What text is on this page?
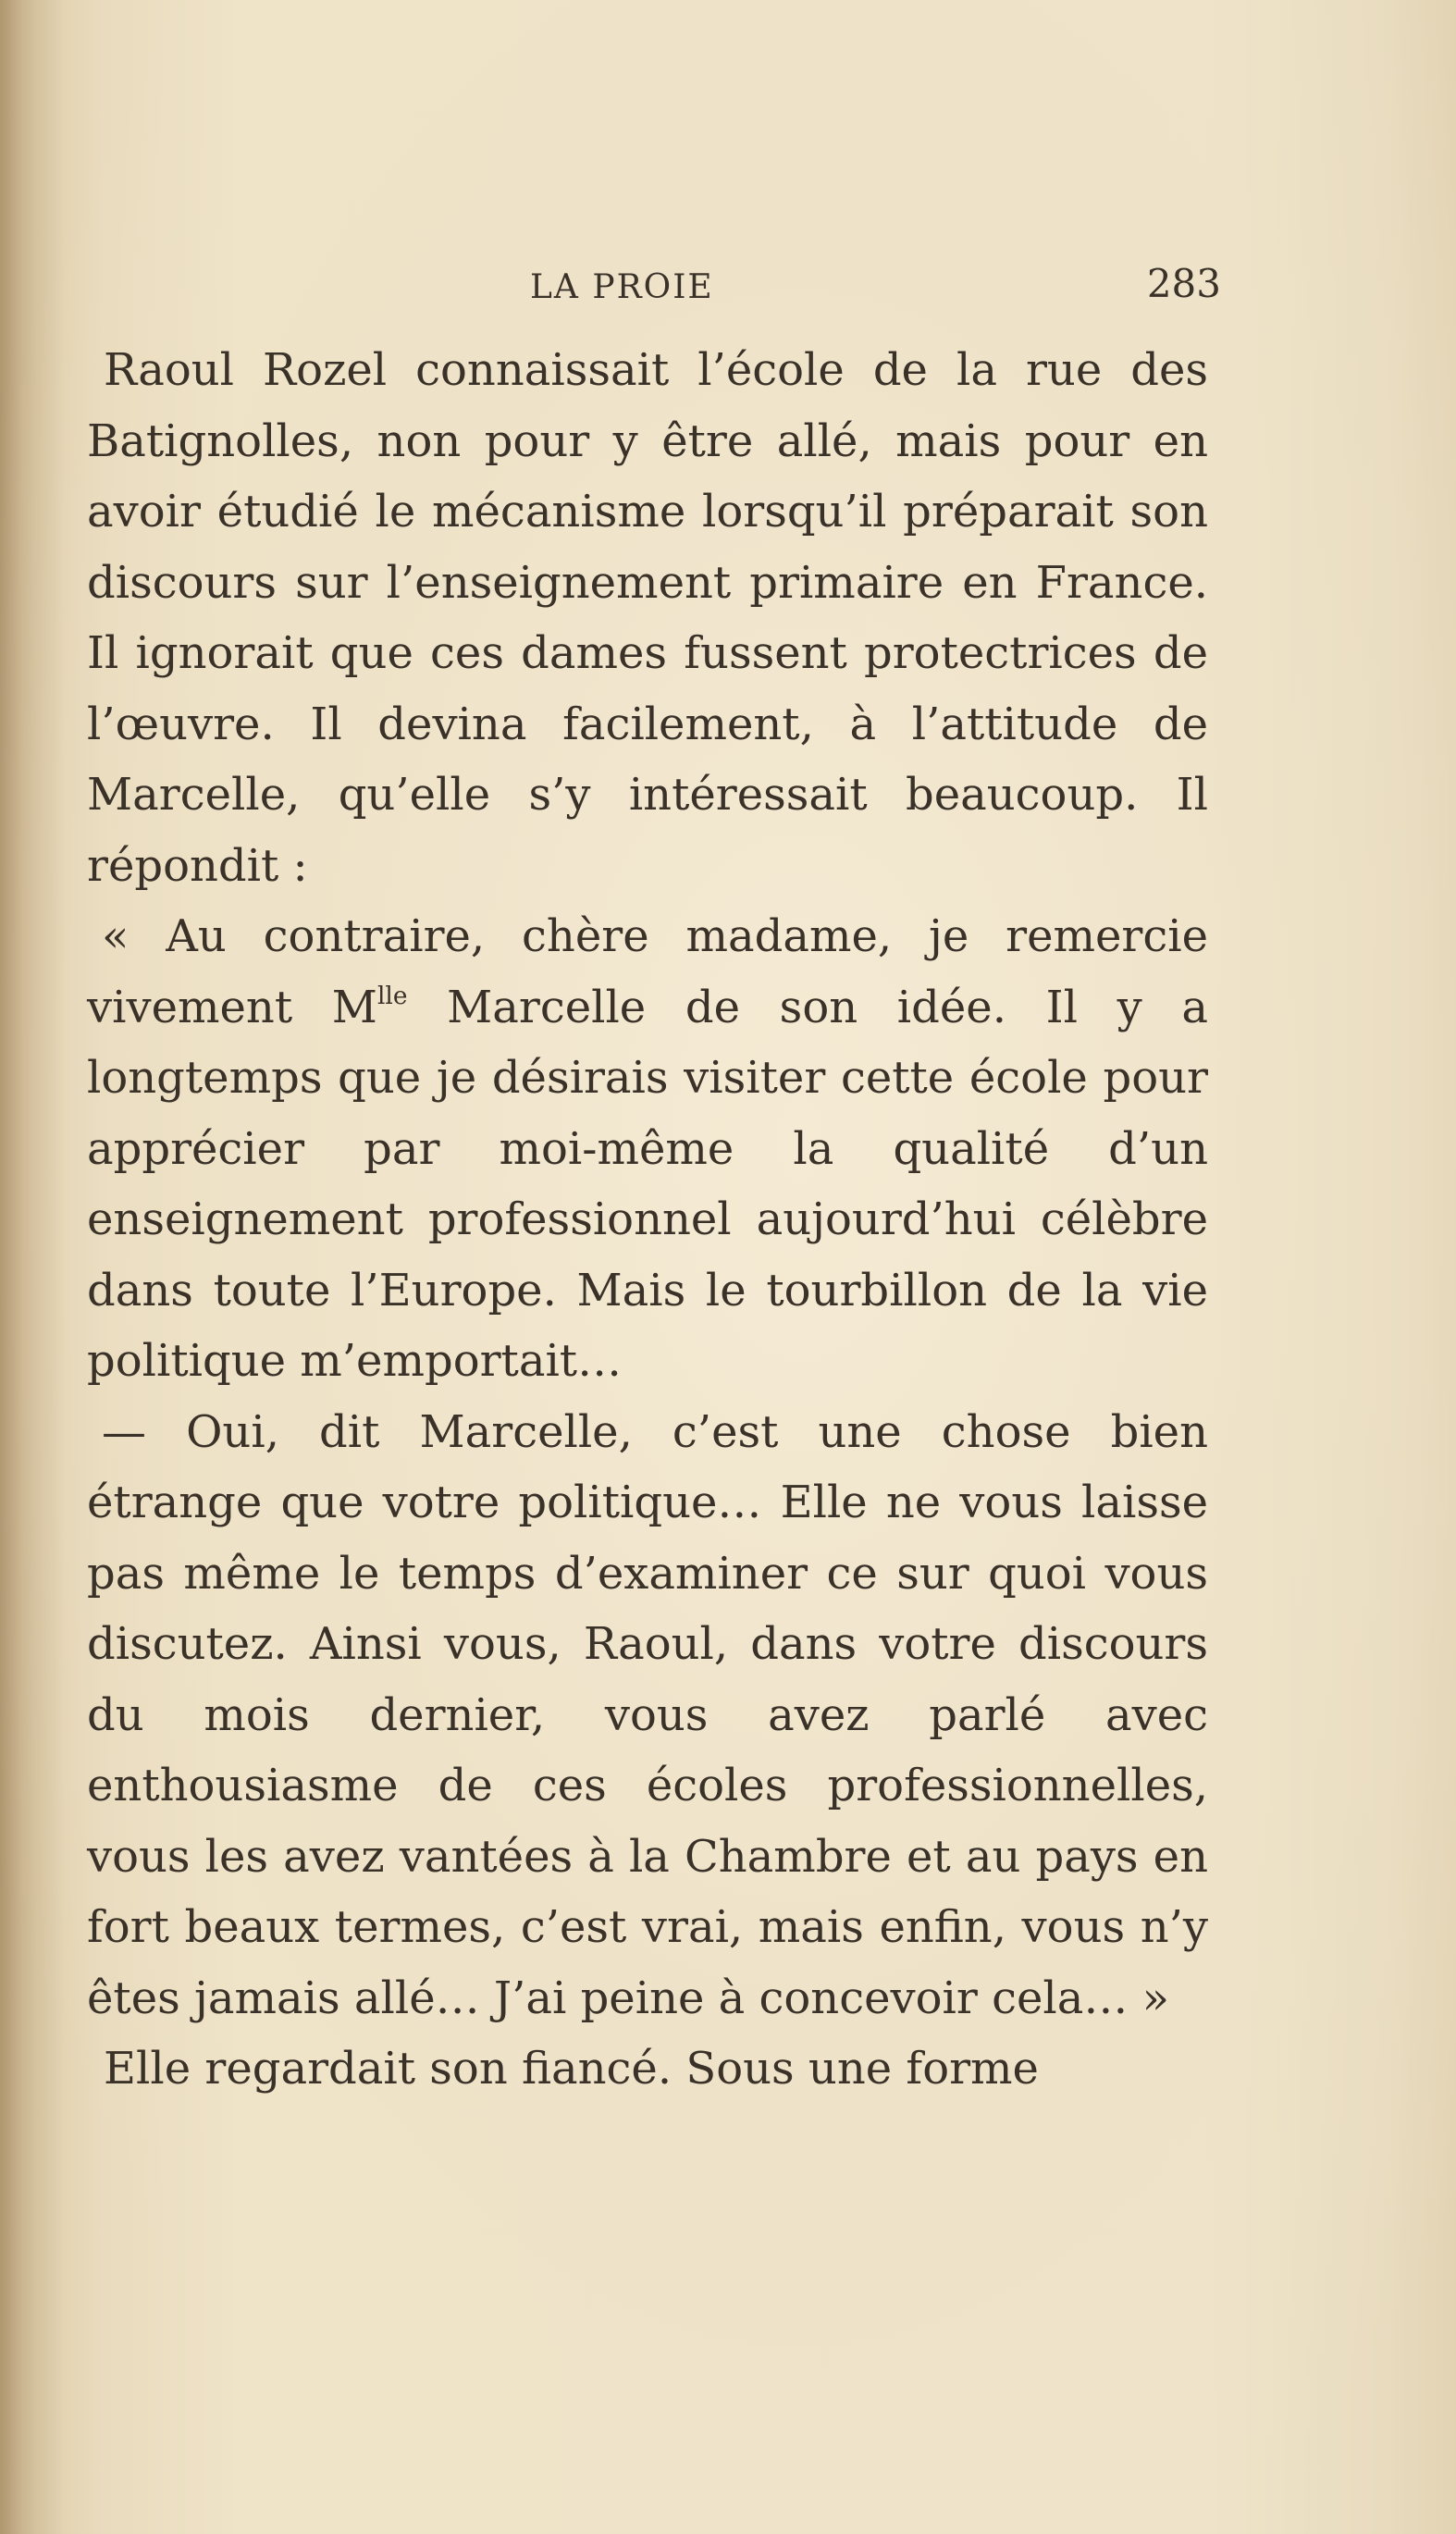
LA PROIE	283

Raoul Rozel connaissait l’école de la rue des Batignolles, non pour y être allé, mais pour en avoir étudié le mécanisme lorsqu’il préparait son discours sur l’enseignement primaire en France. Il ignorait que ces dames fussent protectrices de l’œuvre. Il devina facilement, à l’attitude de Marcelle, qu’elle s’y intéressait beaucoup. Il répondit :

« Au contraire, chère madame, je remercie vivement $M^{lle}$ Marcelle de son idée. Il y a longtemps que je désirais visiter cette école pour apprécier par moi-même la qualité d’un enseignement professionnel aujourd’hui célèbre dans toute l’Europe. Mais le tourbillon de la vie politique m’emportait…

— Oui, dit Marcelle, c’est une chose bien étrange que votre politique… Elle ne vous laisse pas même le temps d’examiner ce sur quoi vous discutez. Ainsi vous, Raoul, dans votre discours du mois dernier, vous avez parlé avec enthousiasme de ces écoles professionnelles, vous les avez vantées à la Chambre et au pays en fort beaux termes, c’est vrai, mais enfin, vous n’y êtes jamais allé… J’ai peine à concevoir cela… »

Elle regardait son fiancé. Sous une forme
